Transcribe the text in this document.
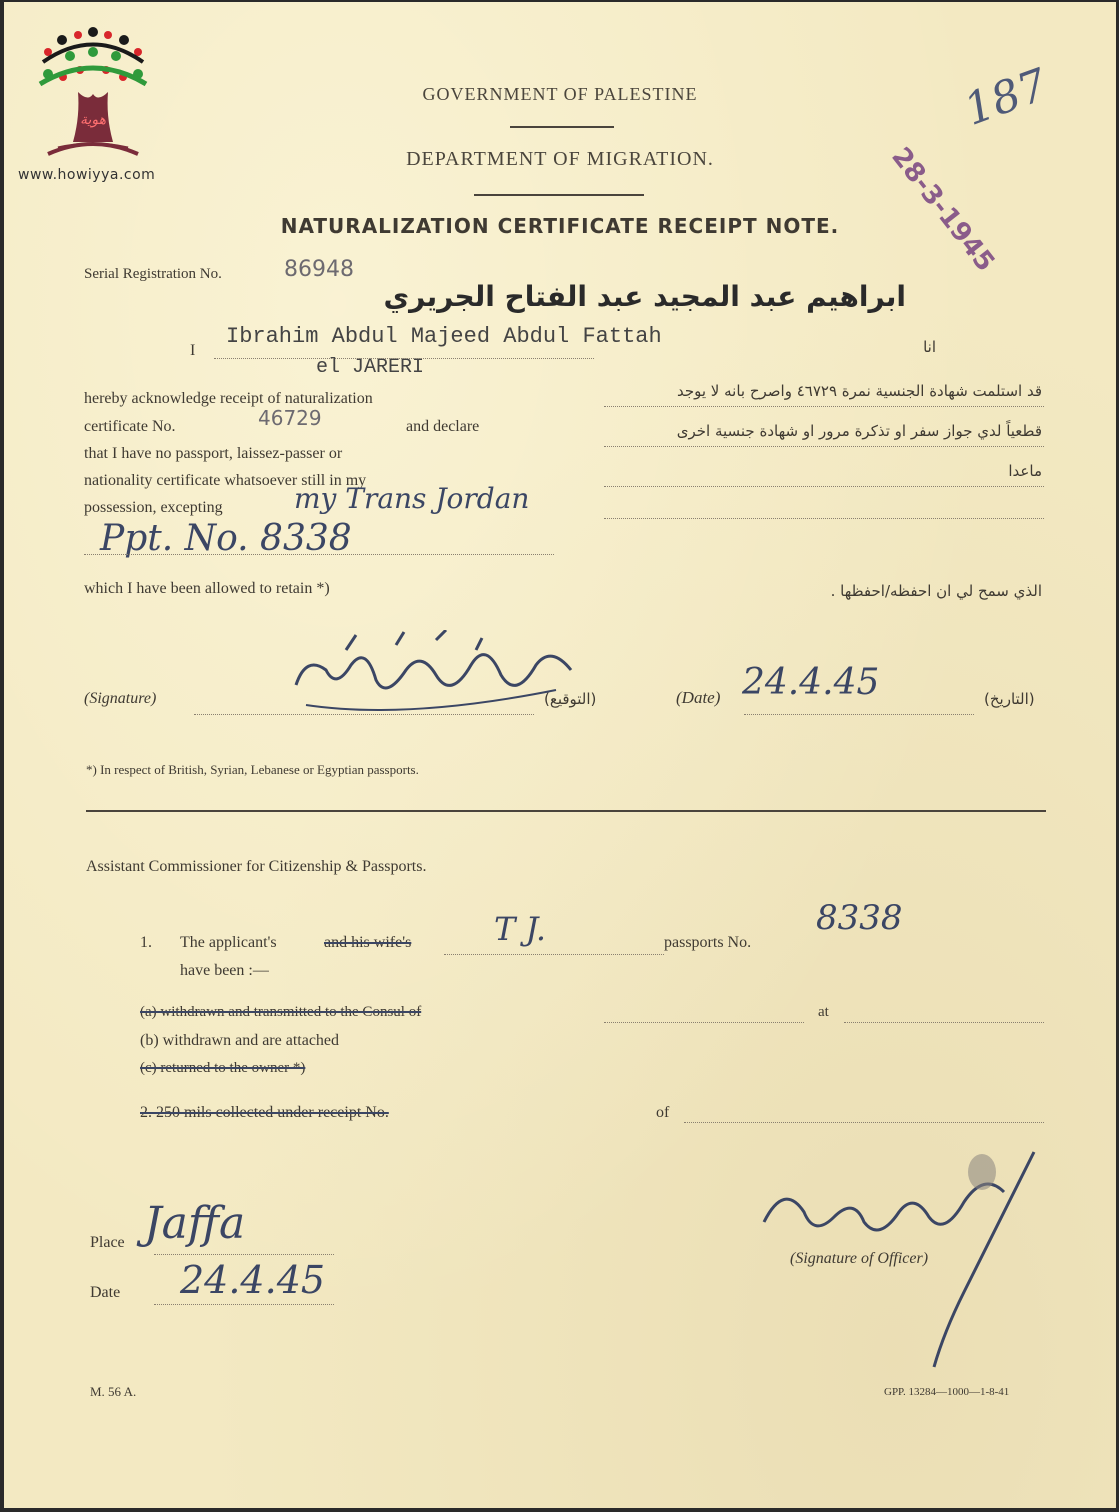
هوية
www.howiyya.com
GOVERNMENT OF PALESTINE
DEPARTMENT OF MIGRATION.
NATURALIZATION CERTIFICATE RECEIPT NOTE.
187
28-3-1945
Serial Registration No.	86948
ابراهيم عبد المجيد عبد الفتاح الجريري
I
Ibrahim Abdul Majeed Abdul Fattah
el JARERI
انا
hereby acknowledge receipt of naturalization
certificate No.	46729	and declare
that I have no passport, laissez-passer or
nationality certificate whatsoever still in my
possession, excepting	my Trans Jordan
Ppt. No. 8338
which I have been allowed to retain *)
قد استلمت شهادة الجنسية نمرة ٤٦٧٢٩ واصرح بانه لا يوجد
قطعياً لدي جواز سفر او تذكرة مرور او شهادة جنسية اخرى
ماعدا
الذي سمح لي ان احفظه/احفظها .
(Signature)	(التوقيع)	(Date) 24.4.45	(التاريخ)
*) In respect of British, Syrian, Lebanese or Egyptian passports.
Assistant Commissioner for Citizenship & Passports.
1. The applicant's	and his wife's	T J.	passports No.
8338
have been :—
(a) withdrawn and transmitted to the Consul of	at
(b) withdrawn and are attached
(c) returned to the owner *)
2. 250 mils collected under receipt No.	of
Place Jaffa
Date 24.4.45	(Signature of Officer)
M. 56 A.	GPP. 13284—1000—1-8-41
